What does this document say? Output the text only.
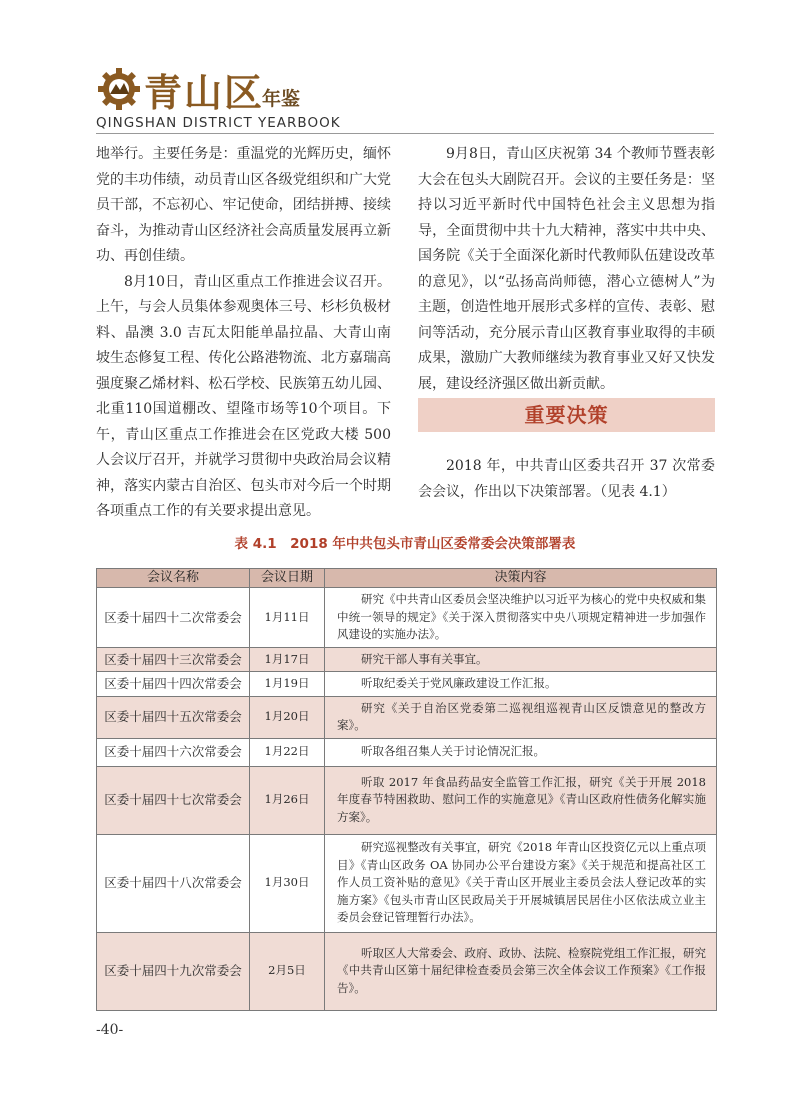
青山区
年鉴
QINGSHAN DISTRICT YEARBOOK

地举行。主要任务是：重温党的光辉历史，缅怀党的丰功伟绩，动员青山区各级党组织和广大党员干部，不忘初心、牢记使命，团结拼搏、接续奋斗，为推动青山区经济社会高质量发展再立新功、再创佳绩。

8月10日，青山区重点工作推进会议召开。上午，与会人员集体参观奥体三号、杉杉负极材料、晶澳 3.0 吉瓦太阳能单晶拉晶、大青山南坡生态修复工程、传化公路港物流、北方嘉瑞高强度聚乙烯材料、松石学校、民族第五幼儿园、北重110国道棚改、望隆市场等10个项目。下午，青山区重点工作推进会在区党政大楼 500 人会议厅召开，并就学习贯彻中央政治局会议精神，落实内蒙古自治区、包头市对今后一个时期各项重点工作的有关要求提出意见。

9月8日，青山区庆祝第 34 个教师节暨表彰大会在包头大剧院召开。会议的主要任务是：坚持以习近平新时代中国特色社会主义思想为指导，全面贯彻中共十九大精神，落实中共中央、国务院《关于全面深化新时代教师队伍建设改革的意见》，以“弘扬高尚师德，潜心立德树人”为主题，创造性地开展形式多样的宣传、表彰、慰问等活动，充分展示青山区教育事业取得的丰硕成果，激励广大教师继续为教育事业又好又快发展，建设经济强区做出新贡献。

重要决策

2018 年，中共青山区委共召开 37 次常委会会议，作出以下决策部署。（见表 4.1）

表 4.1　2018 年中共包头市青山区委常委会决策部署表
会议名称	会议日期	决策内容
区委十届四十二次常委会	1月11日	研究《中共青山区委员会坚决维护以习近平为核心的党中央权威和集中统一领导的规定》《关于深入贯彻落实中央八项规定精神进一步加强作风建设的实施办法》。

区委十届四十三次常委会	1月17日	研究干部人事有关事宜。

区委十届四十四次常委会	1月19日	听取纪委关于党风廉政建设工作汇报。

区委十届四十五次常委会	1月20日	研究《关于自治区党委第二巡视组巡视青山区反馈意见的整改方案》。

区委十届四十六次常委会	1月22日	听取各组召集人关于讨论情况汇报。

区委十届四十七次常委会	1月26日	听取 2017 年食品药品安全监管工作汇报，研究《关于开展 2018 年度春节特困救助、慰问工作的实施意见》《青山区政府性债务化解实施方案》。

区委十届四十八次常委会	1月30日	研究巡视整改有关事宜，研究《2018 年青山区投资亿元以上重点项目》《青山区政务 OA 协同办公平台建设方案》《关于规范和提高社区工作人员工资补贴的意见》《关于青山区开展业主委员会法人登记改革的实施方案》《包头市青山区民政局关于开展城镇居民居住小区依法成立业主委员会登记管理暂行办法》。

区委十届四十九次常委会	2月5日	听取区人大常委会、政府、政协、法院、检察院党组工作汇报，研究《中共青山区第十届纪律检查委员会第三次全体会议工作预案》《工作报告》。
-40-
